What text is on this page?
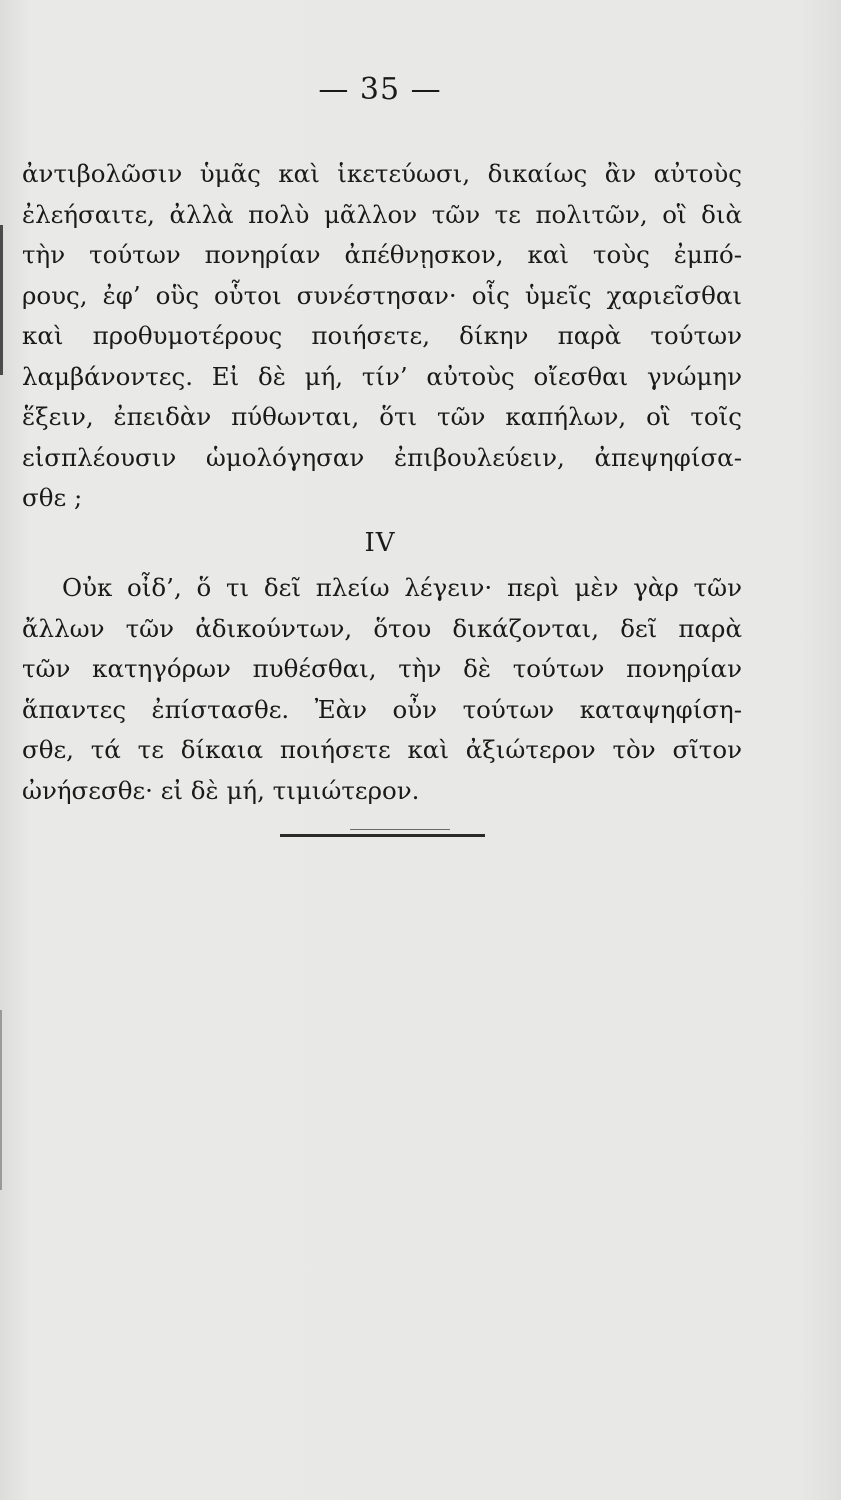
— 35 —
ἀντιβολῶσιν ὑμᾶς καὶ ἱκετεύωσι, δικαίως ἂν αὐτοὺς
ἐλεήσαιτε, ἀλλὰ πολὺ μᾶλλον τῶν τε πολιτῶν, οἳ διὰ
τὴν τούτων πονηρίαν ἀπέθνῃσκον, καὶ τοὺς ἐμπό-
ρους, ἐφ’ οὓς οὗτοι συνέστησαν· οἷς ὑμεῖς χαριεῖσθαι
καὶ προθυμοτέρους ποιήσετε, δίκην παρὰ τούτων
λαμβάνοντες. Εἰ δὲ μή, τίν’ αὐτοὺς οἴεσθαι γνώμην
ἕξειν, ἐπειδὰν πύθωνται, ὅτι τῶν καπήλων, οἳ τοῖς
εἰσπλέουσιν ὡμολόγησαν ἐπιβουλεύειν, ἀπεψηφίσα-
σθε ;
IV
Οὐκ οἶδ’, ὅ τι δεῖ πλείω λέγειν· περὶ μὲν γὰρ τῶν
ἄλλων τῶν ἀδικούντων, ὅτου δικάζονται, δεῖ παρὰ
τῶν κατηγόρων πυθέσθαι, τὴν δὲ τούτων πονηρίαν
ἅπαντες ἐπίστασθε. Ἐὰν οὖν τούτων καταψηφίση-
σθε, τά τε δίκαια ποιήσετε καὶ ἀξιώτερον τὸν σῖτον
ὠνήσεσθε· εἰ δὲ μή, τιμιώτερον.
